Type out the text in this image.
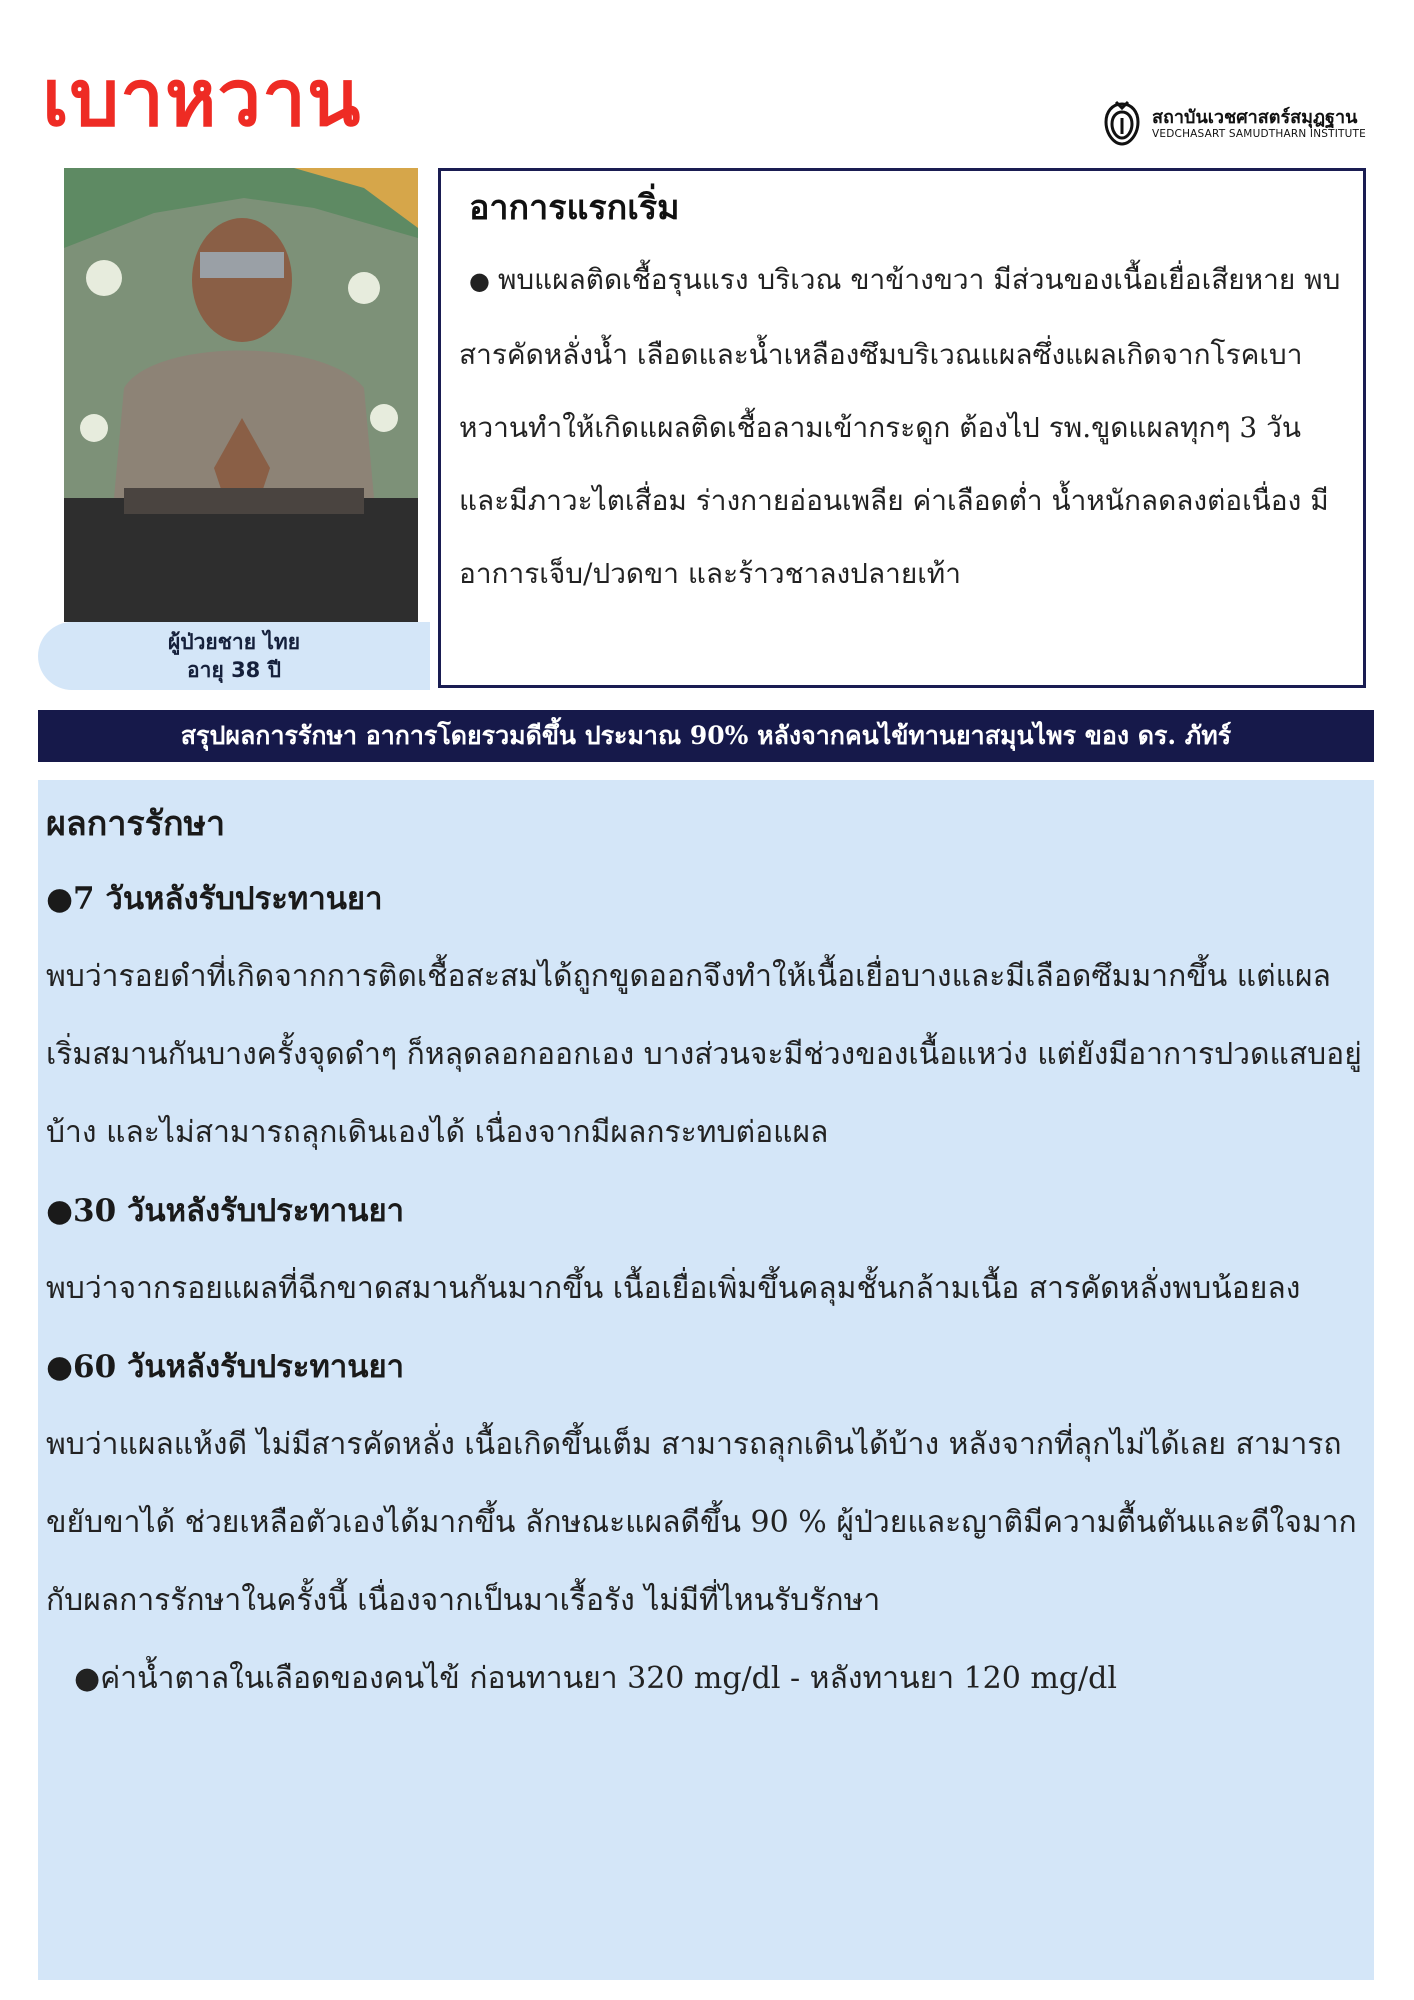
เบาหวาน	สถาบันเวชศาสตร์สมุฎฐาน
VEDCHASART SAMUDTHARN INSTITUTE
ผู้ป่วยชาย ไทย
อายุ 38 ปี

อาการแรกเริ่ม

● พบแผลติดเชื้อรุนแรง บริเวณ ขาข้างขวา มีส่วนของเนื้อเยื่อเสียหาย พบสารคัดหลั่งน้ำ เลือดและน้ำเหลืองซึมบริเวณแผลซึ่งแผลเกิดจากโรคเบาหวานทำให้เกิดแผลติดเชื้อลามเข้ากระดูก ต้องไป รพ.ขูดแผลทุกๆ 3 วัน และมีภาวะไตเสื่อม ร่างกายอ่อนเพลีย ค่าเลือดต่ำ น้ำหนักลดลงต่อเนื่อง มีอาการเจ็บ/ปวดขา และร้าวชาลงปลายเท้า

สรุปผลการรักษา อาการโดยรวมดีขึ้น ประมาณ 90% หลังจากคนไข้ทานยาสมุนไพร ของ ดร. ภัทร์

ผลการรักษา

●7 วันหลังรับประทานยา

พบว่ารอยดำที่เกิดจากการติดเชื้อสะสมได้ถูกขูดออกจึงทำให้เนื้อเยื่อบางและมีเลือดซึมมากขึ้น แต่แผลเริ่มสมานกันบางครั้งจุดดำๆ ก็หลุดลอกออกเอง บางส่วนจะมีช่วงของเนื้อแหว่ง แต่ยังมีอาการปวดแสบอยู่บ้าง และไม่สามารถลุกเดินเองได้ เนื่องจากมีผลกระทบต่อแผล

●30 วันหลังรับประทานยา

พบว่าจากรอยแผลที่ฉีกขาดสมานกันมากขึ้น เนื้อเยื่อเพิ่มขึ้นคลุมชั้นกล้ามเนื้อ สารคัดหลั่งพบน้อยลง

●60 วันหลังรับประทานยา

พบว่าแผลแห้งดี ไม่มีสารคัดหลั่ง เนื้อเกิดขึ้นเต็ม สามารถลุกเดินได้บ้าง หลังจากที่ลุกไม่ได้เลย สามารถขยับขาได้ ช่วยเหลือตัวเองได้มากขึ้น ลักษณะแผลดีขึ้น 90 % ผู้ป่วยและญาติมีความตื้นตันและดีใจมาก กับผลการรักษาในครั้งนี้ เนื่องจากเป็นมาเรื้อรัง ไม่มีที่ไหนรับรักษา

●ค่าน้ำตาลในเลือดของคนไข้ ก่อนทานยา 320 mg/dl - หลังทานยา 120 mg/dl
